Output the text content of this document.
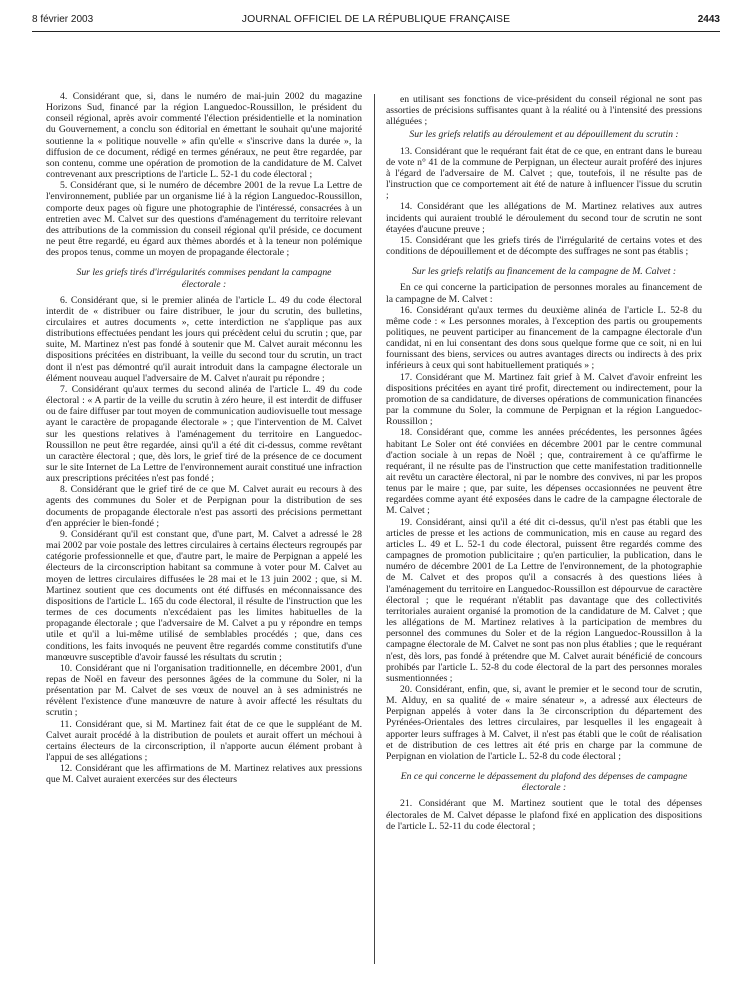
8 février 2003	JOURNAL OFFICIEL DE LA RÉPUBLIQUE FRANÇAISE	2443

4. Considérant que, si, dans le numéro de mai-juin 2002 du magazine Horizons Sud, financé par la région Languedoc-Roussillon, le président du conseil régional, après avoir commenté l'élection présidentielle et la nomination du Gouvernement, a conclu son éditorial en émettant le souhait qu'une majorité soutienne la « politique nouvelle » afin qu'elle « s'inscrive dans la durée », la diffusion de ce document, rédigé en termes généraux, ne peut être regardée, par son contenu, comme une opération de promotion de la candidature de M. Calvet contrevenant aux prescriptions de l'article L. 52-1 du code électoral ;

5. Considérant que, si le numéro de décembre 2001 de la revue La Lettre de l'environnement, publiée par un organisme lié à la région Languedoc-Roussillon, comporte deux pages où figure une photographie de l'intéressé, consacrées à un entretien avec M. Calvet sur des questions d'aménagement du territoire relevant des attributions de la commission du conseil régional qu'il préside, ce document ne peut être regardé, eu égard aux thèmes abordés et à la teneur non polémique des propos tenus, comme un moyen de propagande électorale ;

Sur les griefs tirés d'irrégularités commises pendant la campagne électorale :

6. Considérant que, si le premier alinéa de l'article L. 49 du code électoral interdit de « distribuer ou faire distribuer, le jour du scrutin, des bulletins, circulaires et autres documents », cette interdiction ne s'applique pas aux distributions effectuées pendant les jours qui précèdent celui du scrutin ; que, par suite, M. Martinez n'est pas fondé à soutenir que M. Calvet aurait méconnu les dispositions précitées en distribuant, la veille du second tour du scrutin, un tract dont il n'est pas démontré qu'il aurait introduit dans la campagne électorale un élément nouveau auquel l'adversaire de M. Calvet n'aurait pu répondre ;

7. Considérant qu'aux termes du second alinéa de l'article L. 49 du code électoral : « A partir de la veille du scrutin à zéro heure, il est interdit de diffuser ou de faire diffuser par tout moyen de communication audiovisuelle tout message ayant le caractère de propagande électorale » ; que l'intervention de M. Calvet sur les questions relatives à l'aménagement du territoire en Languedoc-Roussillon ne peut être regardée, ainsi qu'il a été dit ci-dessus, comme revêtant un caractère électoral ; que, dès lors, le grief tiré de la présence de ce document sur le site Internet de La Lettre de l'environnement aurait constitué une infraction aux prescriptions précitées n'est pas fondé ;

8. Considérant que le grief tiré de ce que M. Calvet aurait eu recours à des agents des communes du Soler et de Perpignan pour la distribution de ses documents de propagande électorale n'est pas assorti des précisions permettant d'en apprécier le bien-fondé ;

9. Considérant qu'il est constant que, d'une part, M. Calvet a adressé le 28 mai 2002 par voie postale des lettres circulaires à certains électeurs regroupés par catégorie professionnelle et que, d'autre part, le maire de Perpignan a appelé les électeurs de la circonscription habitant sa commune à voter pour M. Calvet au moyen de lettres circulaires diffusées le 28 mai et le 13 juin 2002 ; que, si M. Martinez soutient que ces documents ont été diffusés en méconnaissance des dispositions de l'article L. 165 du code électoral, il résulte de l'instruction que les termes de ces documents n'excédaient pas les limites habituelles de la propagande électorale ; que l'adversaire de M. Calvet a pu y répondre en temps utile et qu'il a lui-même utilisé de semblables procédés ; que, dans ces conditions, les faits invoqués ne peuvent être regardés comme constitutifs d'une manœuvre susceptible d'avoir faussé les résultats du scrutin ;

10. Considérant que ni l'organisation traditionnelle, en décembre 2001, d'un repas de Noël en faveur des personnes âgées de la commune du Soler, ni la présentation par M. Calvet de ses vœux de nouvel an à ses administrés ne révèlent l'existence d'une manœuvre de nature à avoir affecté les résultats du scrutin ;

11. Considérant que, si M. Martinez fait état de ce que le suppléant de M. Calvet aurait procédé à la distribution de poulets et aurait offert un méchoui à certains électeurs de la circonscription, il n'apporte aucun élément probant à l'appui de ses allégations ;

12. Considérant que les affirmations de M. Martinez relatives aux pressions que M. Calvet auraient exercées sur des électeurs

en utilisant ses fonctions de vice-président du conseil régional ne sont pas assorties de précisions suffisantes quant à la réalité ou à l'intensité des pressions alléguées ;

Sur les griefs relatifs au déroulement et au dépouillement du scrutin :

13. Considérant que le requérant fait état de ce que, en entrant dans le bureau de vote n° 41 de la commune de Perpignan, un électeur aurait proféré des injures à l'égard de l'adversaire de M. Calvet ; que, toutefois, il ne résulte pas de l'instruction que ce comportement ait été de nature à influencer l'issue du scrutin ;

14. Considérant que les allégations de M. Martinez relatives aux autres incidents qui auraient troublé le déroulement du second tour de scrutin ne sont étayées d'aucune preuve ;

15. Considérant que les griefs tirés de l'irrégularité de certains votes et des conditions de dépouillement et de décompte des suffrages ne sont pas établis ;

Sur les griefs relatifs au financement de la campagne de M. Calvet :

En ce qui concerne la participation de personnes morales au financement de la campagne de M. Calvet :

16. Considérant qu'aux termes du deuxième alinéa de l'article L. 52-8 du même code : « Les personnes morales, à l'exception des partis ou groupements politiques, ne peuvent participer au financement de la campagne électorale d'un candidat, ni en lui consentant des dons sous quelque forme que ce soit, ni en lui fournissant des biens, services ou autres avantages directs ou indirects à des prix inférieurs à ceux qui sont habituellement pratiqués » ;

17. Considérant que M. Martinez fait grief à M. Calvet d'avoir enfreint les dispositions précitées en ayant tiré profit, directement ou indirectement, pour la promotion de sa candidature, de diverses opérations de communication financées par la commune du Soler, la commune de Perpignan et la région Languedoc-Roussillon ;

18. Considérant que, comme les années précédentes, les personnes âgées habitant Le Soler ont été conviées en décembre 2001 par le centre communal d'action sociale à un repas de Noël ; que, contrairement à ce qu'affirme le requérant, il ne résulte pas de l'instruction que cette manifestation traditionnelle ait revêtu un caractère électoral, ni par le nombre des convives, ni par les propos tenus par le maire ; que, par suite, les dépenses occasionnées ne peuvent être regardées comme ayant été exposées dans le cadre de la campagne électorale de M. Calvet ;

19. Considérant, ainsi qu'il a été dit ci-dessus, qu'il n'est pas établi que les articles de presse et les actions de communication, mis en cause au regard des articles L. 49 et L. 52-1 du code électoral, puissent être regardés comme des campagnes de promotion publicitaire ; qu'en particulier, la publication, dans le numéro de décembre 2001 de La Lettre de l'environnement, de la photographie de M. Calvet et des propos qu'il a consacrés à des questions liées à l'aménagement du territoire en Languedoc-Roussillon est dépourvue de caractère électoral ; que le requérant n'établit pas davantage que des collectivités territoriales auraient organisé la promotion de la candidature de M. Calvet ; que les allégations de M. Martinez relatives à la participation de membres du personnel des communes du Soler et de la région Languedoc-Roussillon à la campagne électorale de M. Calvet ne sont pas non plus établies ; que le requérant n'est, dès lors, pas fondé à prétendre que M. Calvet aurait bénéficié de concours prohibés par l'article L. 52-8 du code électoral de la part des personnes morales susmentionnées ;

20. Considérant, enfin, que, si, avant le premier et le second tour de scrutin, M. Alduy, en sa qualité de « maire sénateur », a adressé aux électeurs de Perpignan appelés à voter dans la 3e circonscription du département des Pyrénées-Orientales des lettres circulaires, par lesquelles il les engageait à apporter leurs suffrages à M. Calvet, il n'est pas établi que le coût de réalisation et de distribution de ces lettres ait été pris en charge par la commune de Perpignan en violation de l'article L. 52-8 du code électoral ;

En ce qui concerne le dépassement du plafond des dépenses de campagne électorale :

21. Considérant que M. Martinez soutient que le total des dépenses électorales de M. Calvet dépasse le plafond fixé en application des dispositions de l'article L. 52-11 du code électoral ;
